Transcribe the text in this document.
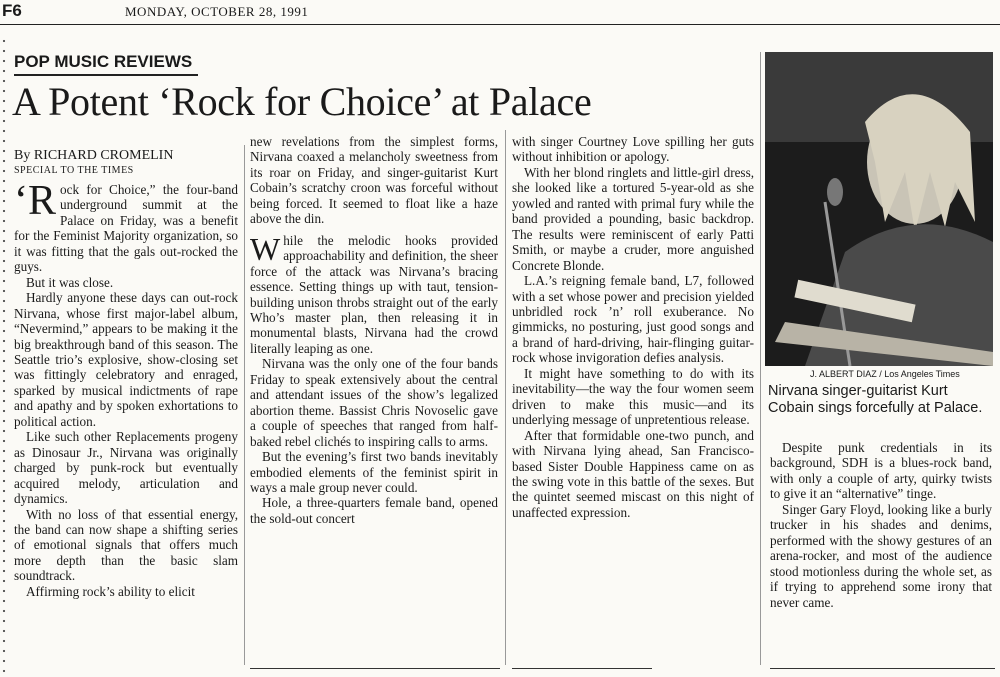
F6	MONDAY, OCTOBER 28, 1991
POP MUSIC REVIEWS
A Potent ‘Rock for Choice’ at Palace
By RICHARD CROMELIN
SPECIAL TO THE TIMES

‘Rock for Choice,” the four-band underground summit at the Palace on Friday, was a benefit for the Feminist Majority organization, so it was fitting that the gals out-rocked the guys.

But it was close.

Hardly anyone these days can out-rock Nirvana, whose first major-label album, “Nevermind,” appears to be making it the big breakthrough band of this season. The Seattle trio’s explosive, show-closing set was fittingly celebratory and enraged, sparked by musical indictments of rape and apathy and by spoken exhortations to political action.

Like such other Replacements progeny as Dinosaur Jr., Nirvana was originally charged by punk-rock but eventually acquired melody, articulation and dynamics.

With no loss of that essential energy, the band can now shape a shifting series of emotional signals that offers much more depth than the basic slam soundtrack.

Affirming rock’s ability to elicit

new revelations from the simplest forms, Nirvana coaxed a melancholy sweetness from its roar on Friday, and singer-guitarist Kurt Cobain’s scratchy croon was forceful without being forced. It seemed to float like a haze above the din.

While the melodic hooks provided approachability and definition, the sheer force of the attack was Nirvana’s bracing essence. Setting things up with taut, tension-building unison throbs straight out of the early Who’s master plan, then releasing it in monumental blasts, Nirvana had the crowd literally leaping as one.

Nirvana was the only one of the four bands Friday to speak extensively about the central and attendant issues of the show’s legalized abortion theme. Bassist Chris Novoselic gave a couple of speeches that ranged from half-baked rebel clichés to inspiring calls to arms.

But the evening’s first two bands inevitably embodied elements of the feminist spirit in ways a male group never could.

Hole, a three-quarters female band, opened the sold-out concert

with singer Courtney Love spilling her guts without inhibition or apology.

With her blond ringlets and little-girl dress, she looked like a tortured 5-year-old as she yowled and ranted with primal fury while the band provided a pounding, basic backdrop. The results were reminiscent of early Patti Smith, or maybe a cruder, more anguished Concrete Blonde.

L.A.’s reigning female band, L7, followed with a set whose power and precision yielded unbridled rock ’n’ roll exuberance. No gimmicks, no posturing, just good songs and a brand of hard-driving, hair-flinging guitar-rock whose invigoration defies analysis.

It might have something to do with its inevitability—the way the four women seem driven to make this music—and its underlying message of unpretentious release.

After that formidable one-two punch, and with Nirvana lying ahead, San Francisco-based Sister Double Happiness came on as the swing vote in this battle of the sexes. But the quintet seemed miscast on this night of unaffected expression.

J. ALBERT DIAZ / Los Angeles Times
Nirvana singer-guitarist Kurt Cobain sings forcefully at Palace.

Despite punk credentials in its background, SDH is a blues-rock band, with only a couple of arty, quirky twists to give it an “alternative” tinge.

Singer Gary Floyd, looking like a burly trucker in his shades and denims, performed with the showy gestures of an arena-rocker, and most of the audience stood motionless during the whole set, as if trying to apprehend some irony that never came.
